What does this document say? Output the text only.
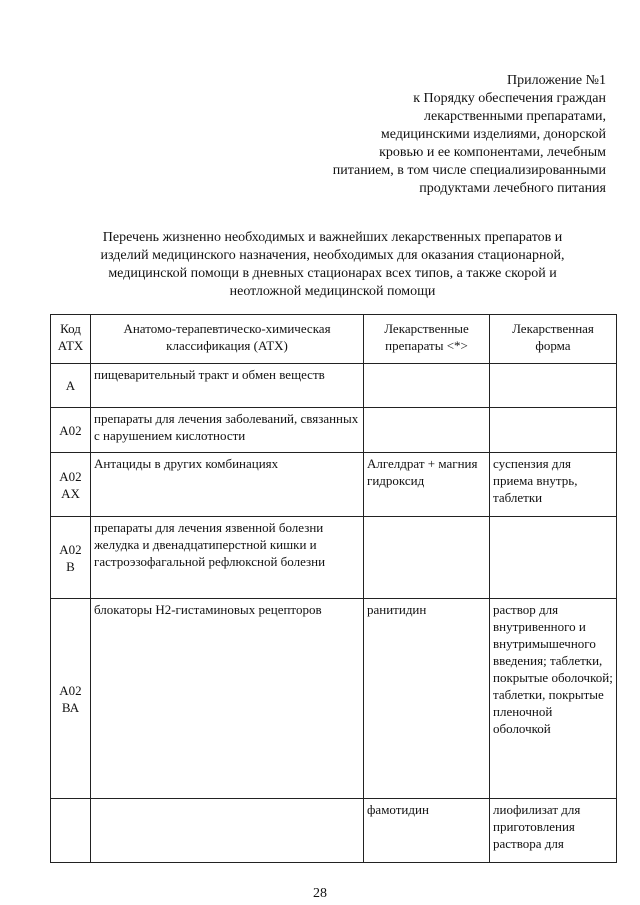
Приложение №1
к Порядку обеспечения граждан
лекарственными препаратами,
медицинскими изделиями, донорской
кровью и ее компонентами, лечебным
питанием, в том числе специализированными
продуктами лечебного питания
Перечень жизненно необходимых и важнейших лекарственных препаратов и
изделий медицинского назначения, необходимых для оказания стационарной,
медицинской помощи в дневных стационарах всех типов, а также скорой и
неотложной медицинской помощи
Код АТХ	Анатомо-терапевтическо-химическая классификация (АТХ)	Лекарственные препараты <*>	Лекарственная форма
А	пищеварительный тракт и обмен веществ		
А02	препараты для лечения заболеваний, связанных с нарушением кислотности		
А02 АХ	Антациды в других комбинациях	Алгелдрат + магния гидроксид	суспензия для приема внутрь, таблетки
А02 В	препараты для лечения язвенной болезни желудка и двенадцатиперстной кишки и гастроэзофагальной рефлюксной болезни		
А02 ВА	блокаторы Н2-гистаминовых рецепторов	ранитидин	раствор для внутривенного и внутримышечного введения; таблетки, покрытые оболочкой; таблетки, покрытые пленочной оболочкой
		фамотидин	лиофилизат для приготовления раствора для
28
